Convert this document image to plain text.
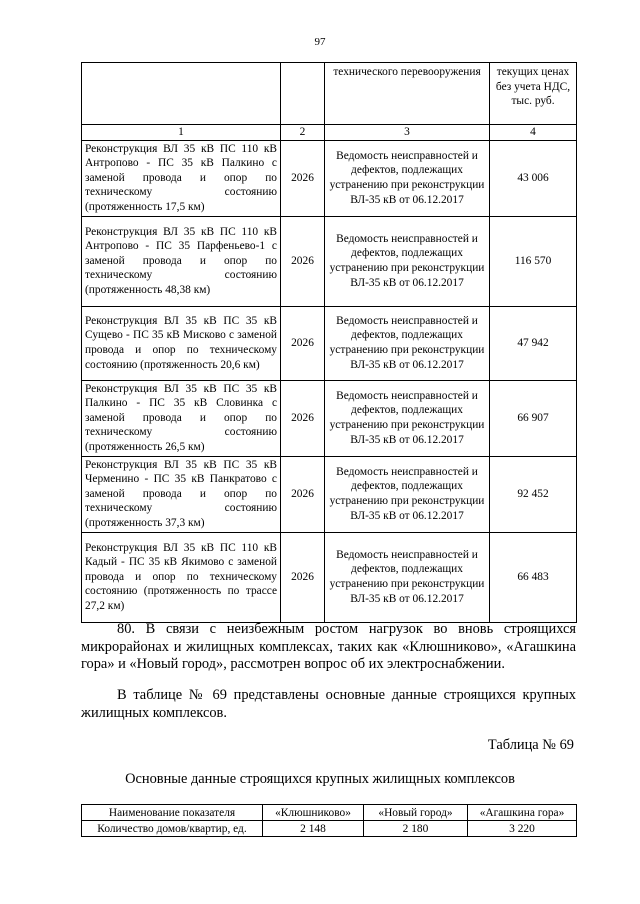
97
		технического перевооружения	текущих ценах без учета НДС, тыс. руб.
1	2	3	4
Реконструкция ВЛ 35 кВ ПС 110 кВ Антропово - ПС 35 кВ Палкино с заменой провода и опор по техническому состоянию (протяженность 17,5 км)	2026	Ведомость неисправностей и дефектов, подлежащих устранению при реконструкции ВЛ-35 кВ от 06.12.2017	43 006
Реконструкция ВЛ 35 кВ ПС 110 кВ Антропово - ПС 35 Парфеньево-1 с заменой провода и опор по техническому состоянию (протяженность 48,38 км)	2026	Ведомость неисправностей и дефектов, подлежащих устранению при реконструкции ВЛ-35 кВ от 06.12.2017	116 570
Реконструкция ВЛ 35 кВ ПС 35 кВ Сущево - ПС 35 кВ Мисково с заменой провода и опор по техническому состоянию (протяженность 20,6 км)	2026	Ведомость неисправностей и дефектов, подлежащих устранению при реконструкции ВЛ-35 кВ от 06.12.2017	47 942
Реконструкция ВЛ 35 кВ ПС 35 кВ Палкино - ПС 35 кВ Словинка с заменой провода и опор по техническому состоянию (протяженность 26,5 км)	2026	Ведомость неисправностей и дефектов, подлежащих устранению при реконструкции ВЛ-35 кВ от 06.12.2017	66 907
Реконструкция ВЛ 35 кВ ПС 35 кВ Черменино - ПС 35 кВ Панкратово с заменой провода и опор по техническому состоянию (протяженность 37,3 км)	2026	Ведомость неисправностей и дефектов, подлежащих устранению при реконструкции ВЛ-35 кВ от 06.12.2017	92 452
Реконструкция ВЛ 35 кВ ПС 110 кВ Кадый - ПС 35 кВ Якимово с заменой провода и опор по техническому состоянию (протяженность по трассе 27,2 км)	2026	Ведомость неисправностей и дефектов, подлежащих устранению при реконструкции ВЛ-35 кВ от 06.12.2017	66 483
80. В связи с неизбежным ростом нагрузок во вновь строящихся микрорайонах и жилищных комплексах, таких как «Клюшниково», «Агашкина гора» и «Новый город», рассмотрен вопрос об их электроснабжении.
В таблице № 69 представлены основные данные строящихся крупных жилищных комплексов.
Таблица № 69
Основные данные строящихся крупных жилищных комплексов
Наименование показателя	«Клюшниково»	«Новый город»	«Агашкина гора»
Количество домов/квартир, ед.	2 148	2 180	3 220
